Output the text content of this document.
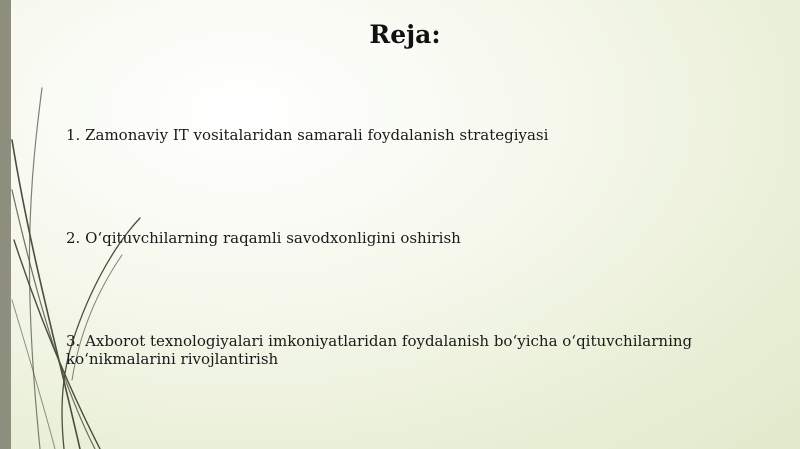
Reja:

1. Zamonaviy IT vositalaridan samarali foydalanish strategiyasi

2. O‘qituvchilarning raqamli savodxonligini oshirish

3. Axborot texnologiyalari imkoniyatlaridan foydalanish bo‘yicha o‘qituvchilarning ko‘nikmalarini rivojlantirish
